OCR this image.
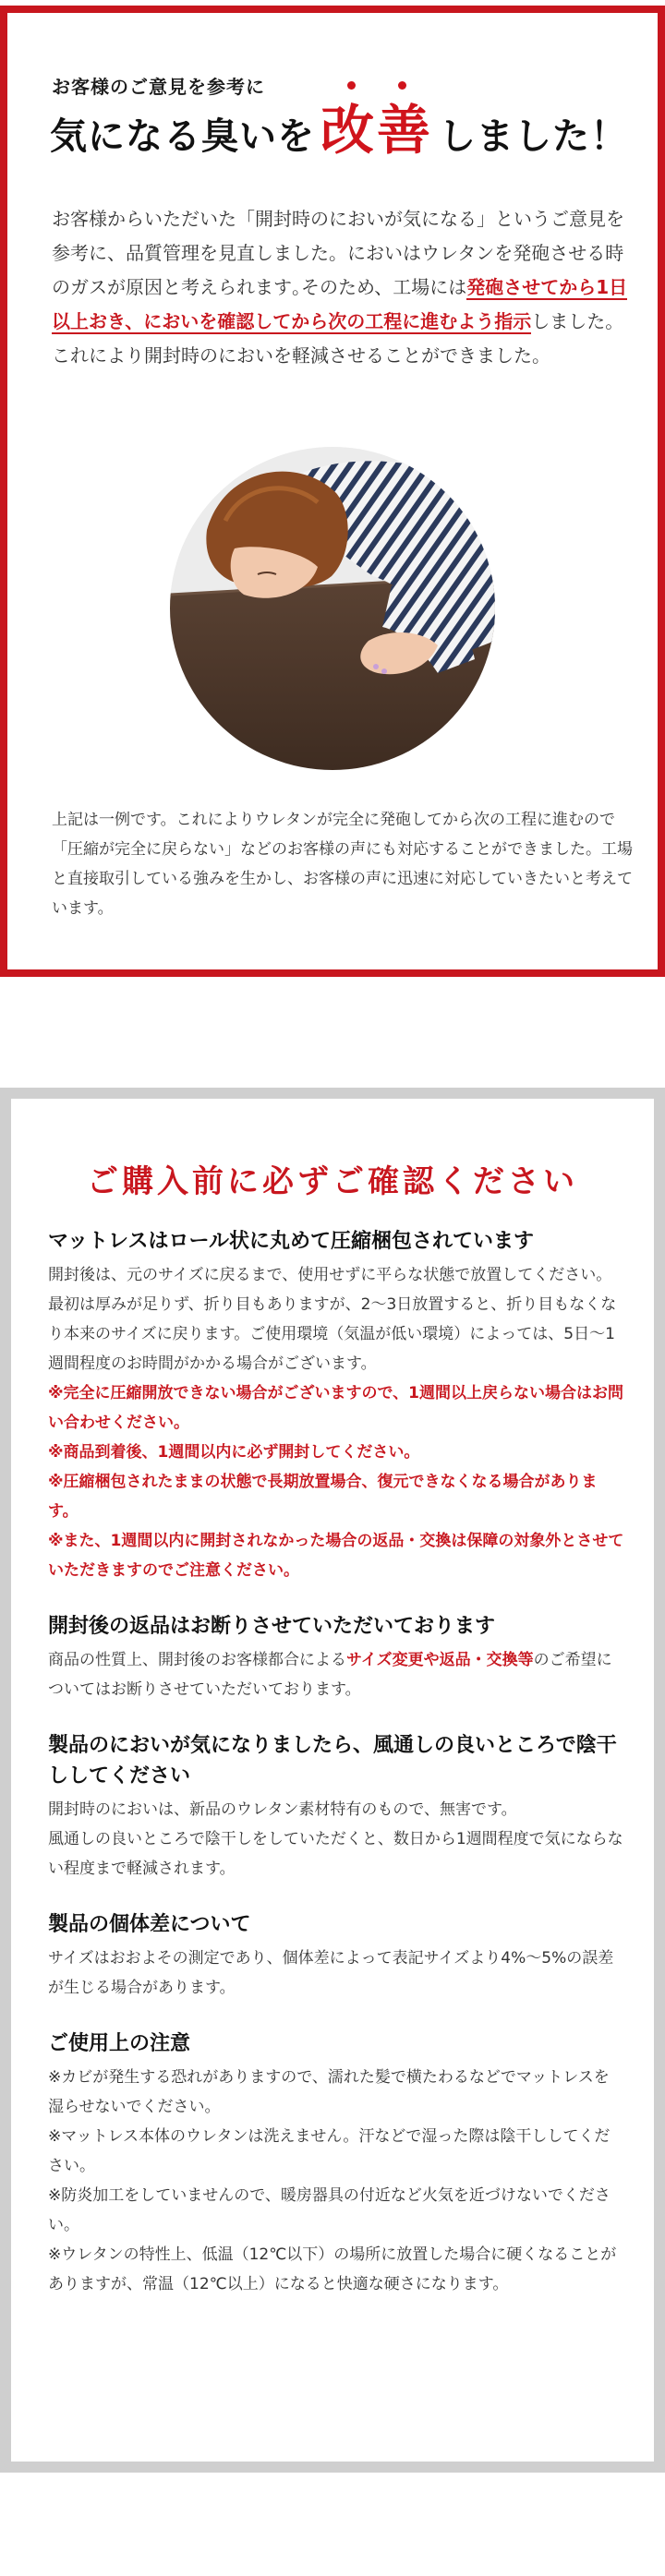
お客様のご意見を参考に
気になる臭いを 改善 しました！

お客様からいただいた「開封時のにおいが気になる」というご意見を参考に、品質管理を見直しました。においはウレタンを発砲させる時のガスが原因と考えられます｡そのため、工場には発砲させてから1日以上おき、においを確認してから次の工程に進むよう指示しました。これにより開封時のにおいを軽減させることができました。

上記は一例です。これによりウレタンが完全に発砲してから次の工程に進むので「圧縮が完全に戻らない」などのお客様の声にも対応することができました。工場と直接取引している強みを生かし、お客様の声に迅速に対応していきたいと考えています。

ご購入前に必ずご確認ください
マットレスはロール状に丸めて圧縮梱包されています

開封後は、元のサイズに戻るまで、使用せずに平らな状態で放置してください。最初は厚みが足りず、折り目もありますが、2〜3日放置すると、折り目もなくなり本来のサイズに戻ります。ご使用環境（気温が低い環境）によっては、5日〜1週間程度のお時間がかかる場合がございます。

※完全に圧縮開放できない場合がございますので、1週間以上戻らない場合はお問い合わせください。

※商品到着後、1週間以内に必ず開封してください。

※圧縮梱包されたままの状態で長期放置場合、復元できなくなる場合があります。

※また、1週間以内に開封されなかった場合の返品・交換は保障の対象外とさせていただきますのでご注意ください。

開封後の返品はお断りさせていただいております

商品の性質上、開封後のお客様都合によるサイズ変更や返品・交換等のご希望についてはお断りさせていただいております。

製品のにおいが気になりましたら、風通しの良いところで陰干ししてください

開封時のにおいは、新品のウレタン素材特有のもので、無害です。

風通しの良いところで陰干しをしていただくと、数日から1週間程度で気にならない程度まで軽減されます。

製品の個体差について

サイズはおおよその測定であり、個体差によって表記サイズより4%〜5%の誤差が生じる場合があります。

ご使用上の注意

※カビが発生する恐れがありますので、濡れた髪で横たわるなどでマットレスを湿らせないでください。

※マットレス本体のウレタンは洗えません。汗などで湿った際は陰干ししてください。

※防炎加工をしていませんので、暖房器具の付近など火気を近づけないでください。

※ウレタンの特性上、低温（12℃以下）の場所に放置した場合に硬くなることがありますが、常温（12℃以上）になると快適な硬さになります。
